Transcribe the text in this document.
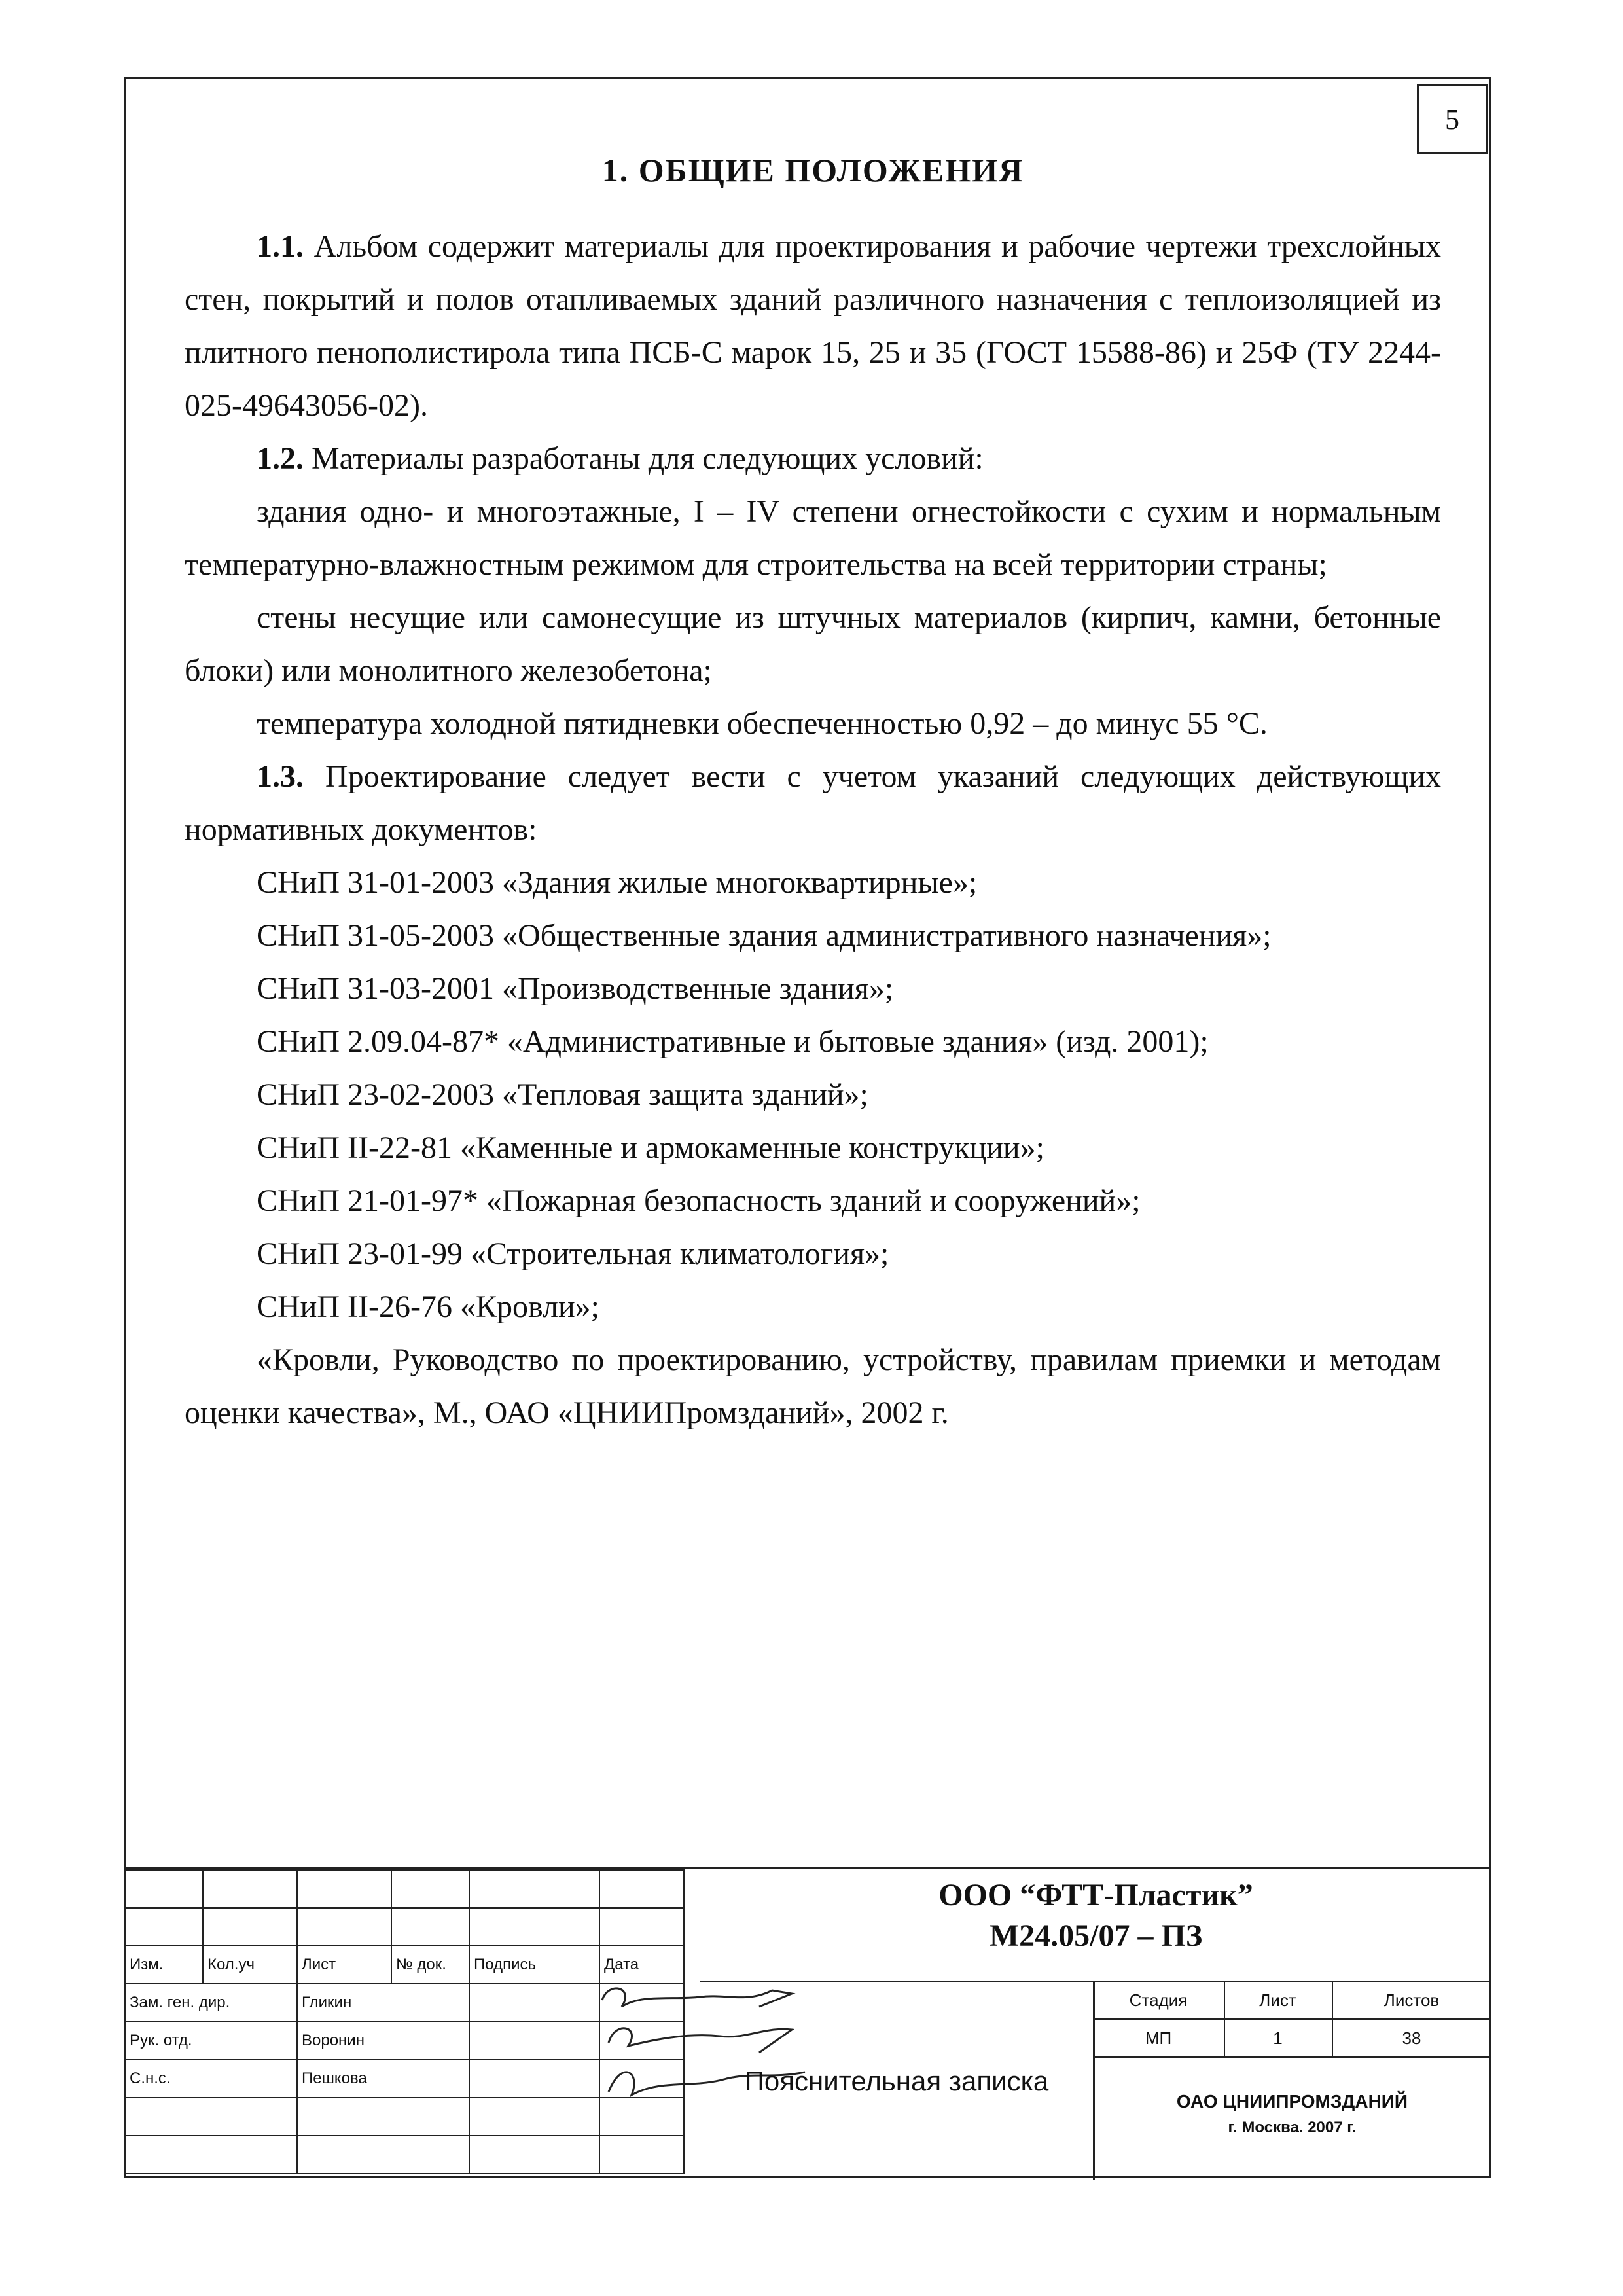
5
1. ОБЩИЕ ПОЛОЖЕНИЯ

1.1. Альбом содержит материалы для проектирования и рабочие чертежи трехслойных стен, покрытий и полов отапливаемых зданий различного назначения с теплоизоляцией из плитного пенополистирола типа ПСБ-С марок 15, 25 и 35 (ГОСТ 15588-86) и 25Ф (ТУ 2244-025-49643056-02).

1.2. Материалы разработаны для следующих условий:

здания одно- и многоэтажные, I – IV степени огнестойкости с сухим и нормальным температурно-влажностным режимом для строительства на всей территории страны;

стены несущие или самонесущие из штучных материалов (кирпич, камни, бетонные блоки) или монолитного железобетона;

температура холодной пятидневки обеспеченностью 0,92 – до минус 55 °С.

1.3. Проектирование следует вести с учетом указаний следующих действующих нормативных документов:

СНиП 31-01-2003 «Здания жилые многоквартирные»;

СНиП 31-05-2003 «Общественные здания административного назначения»;

СНиП 31-03-2001 «Производственные здания»;

СНиП 2.09.04-87* «Административные и бытовые здания» (изд. 2001);

СНиП 23-02-2003 «Тепловая защита зданий»;

СНиП II-22-81 «Каменные и армокаменные конструкции»;

СНиП 21-01-97* «Пожарная безопасность зданий и сооружений»;

СНиП 23-01-99 «Строительная климатология»;

СНиП II-26-76 «Кровли»;

«Кровли, Руководство по проектированию, устройству, правилам приемки и методам оценки качества», М., ОАО «ЦНИИПромзданий», 2002 г.

Изм.	Кол.уч	Лист	№ док.	Подпись	Дата
Зам. ген. дир.		Гликин			
Рук. отд.		Воронин			
С.н.с.		Пешкова			

ООО “ФТТ-Пластик”
М24.05/07 – ПЗ
Стадия	Лист	Листов
МП	1	38
Пояснительная записка
ОАО ЦНИИПРОМЗДАНИЙ
г. Москва. 2007 г.
